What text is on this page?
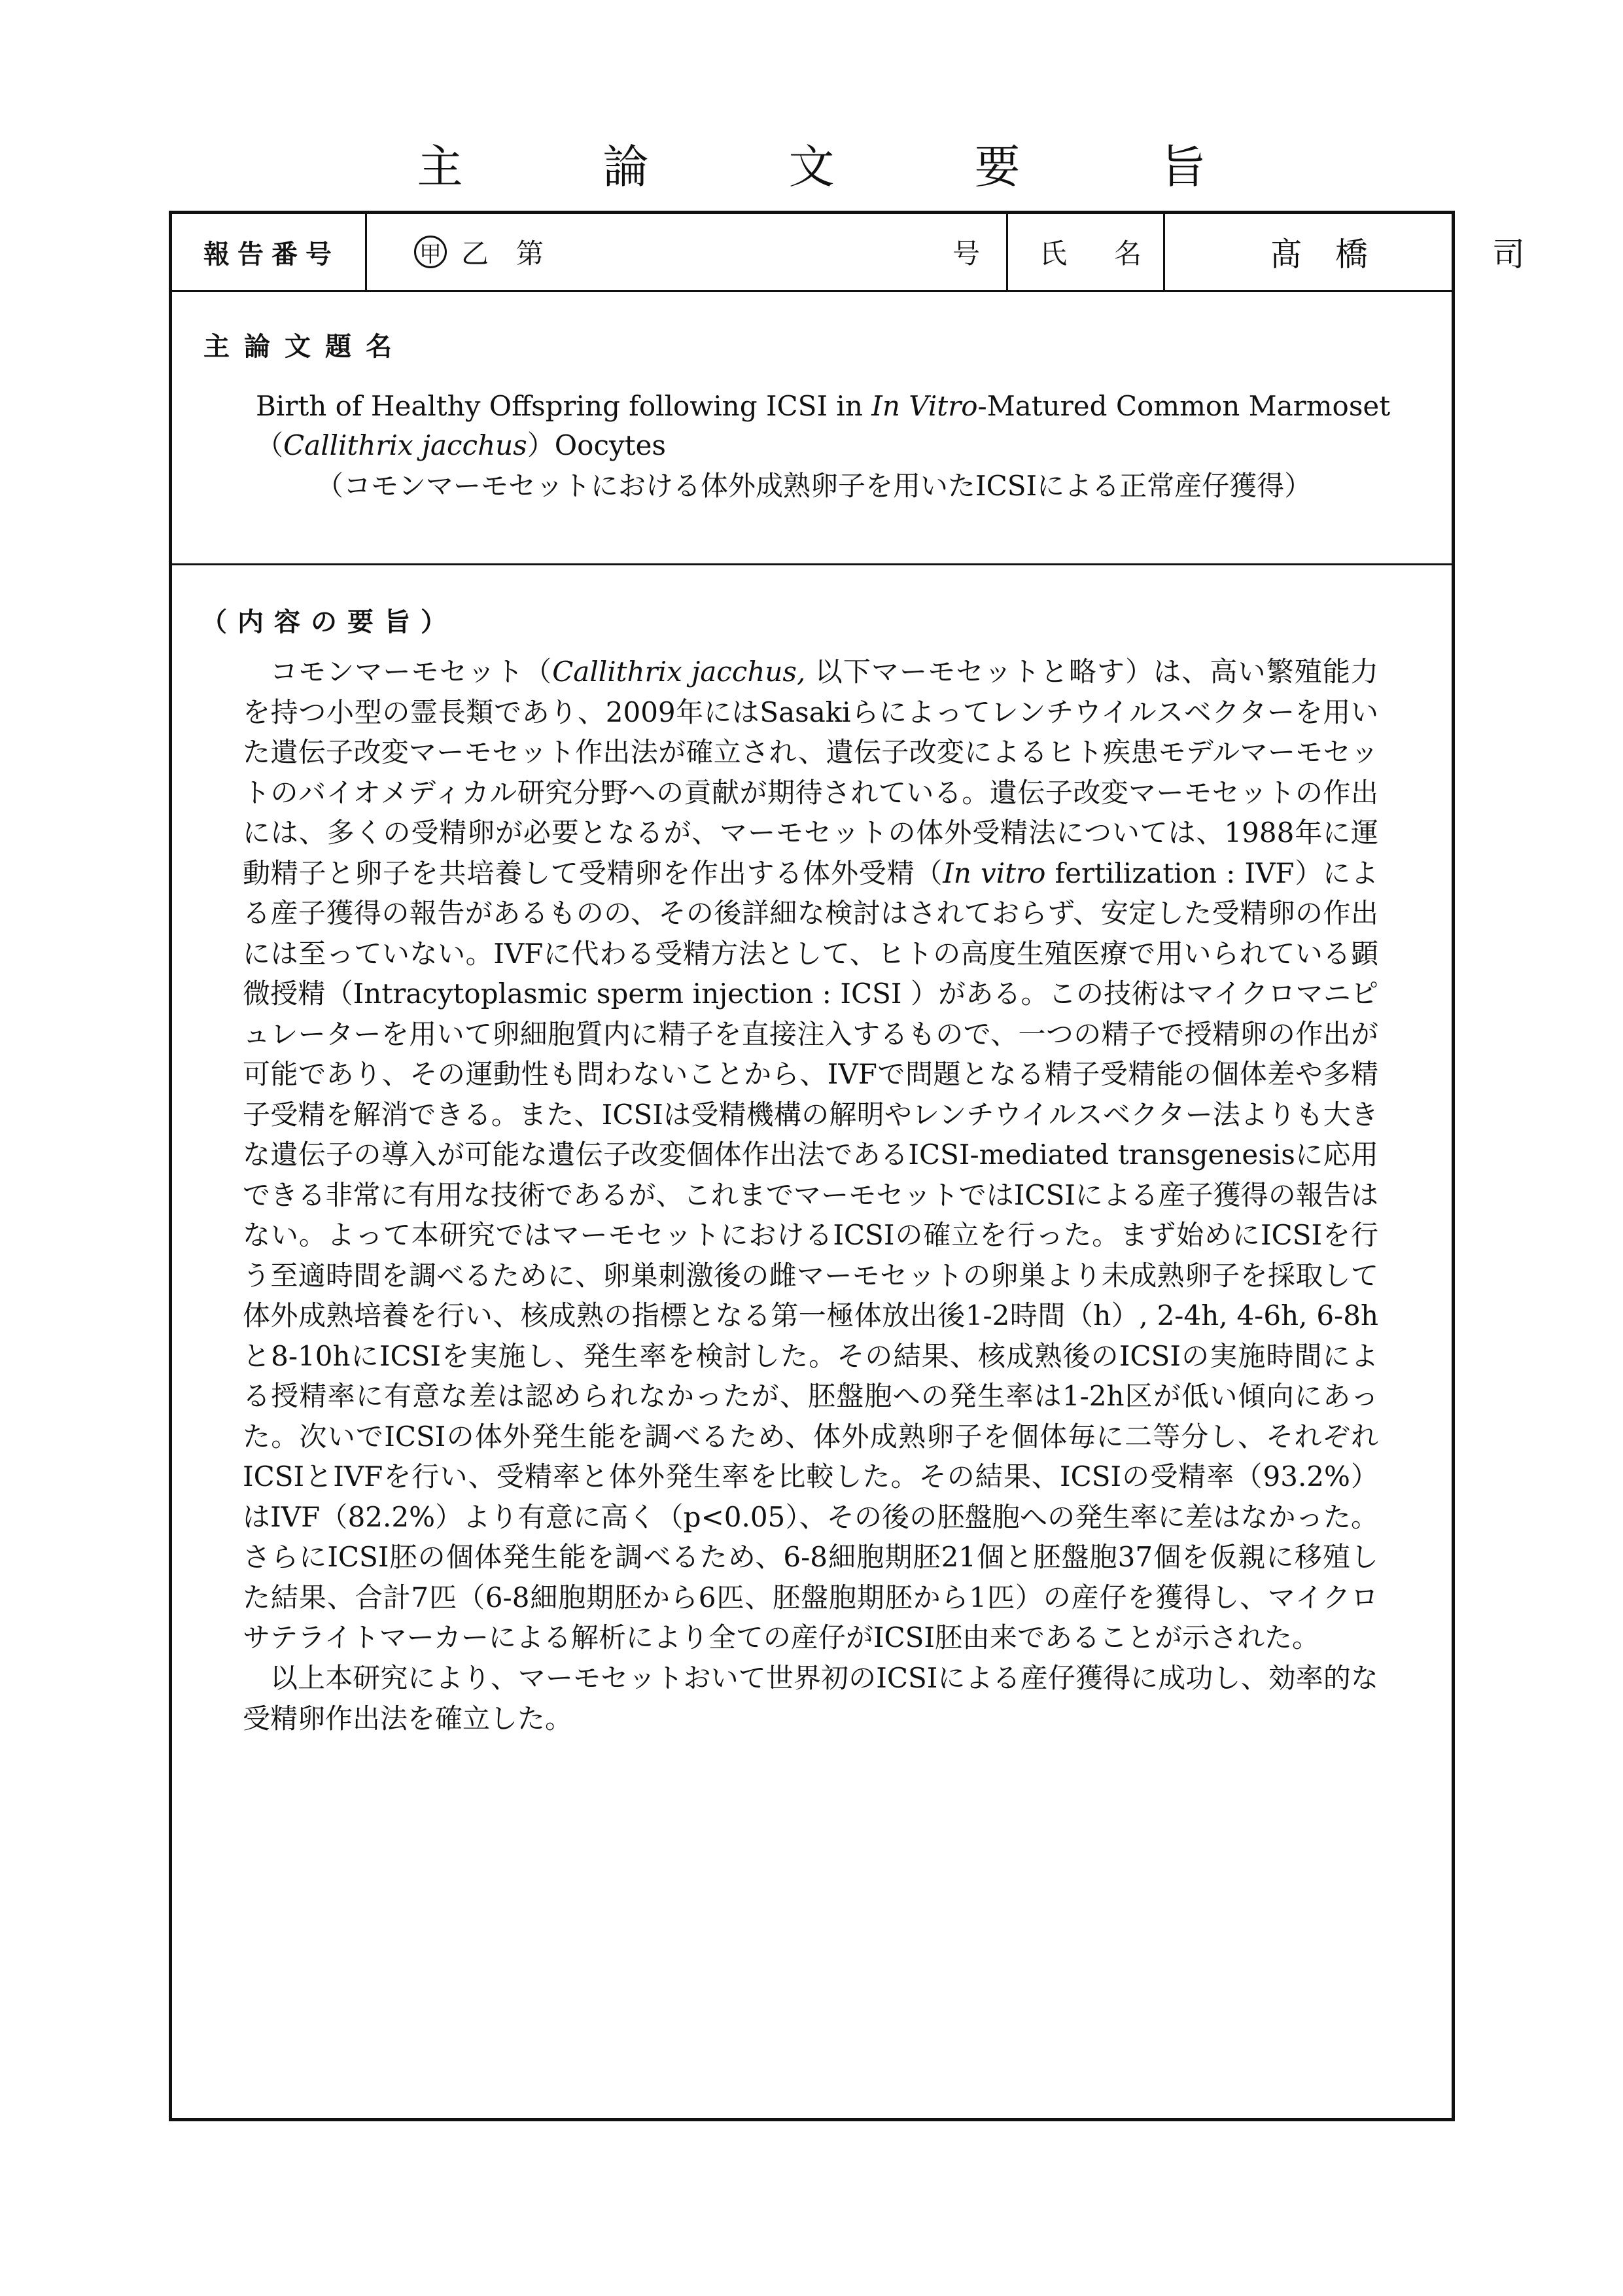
主　論　文　要　旨
報告番号	甲 乙 第	号 氏 名	髙　橋	司
主論文題名
Birth of Healthy Offspring following ICSI in In Vitro-Matured Common Marmoset
（Callithrix jacchus）Oocytes
（コモンマーモセットにおける体外成熟卵子を用いたICSIによる正常産仔獲得）
（内容の要旨）

コモンマーモセット（Callithrix jacchus, 以下マーモセットと略す）は、高い繁殖能力を持つ小型の霊長類であり、2009年にはSasakiらによってレンチウイルスベクターを用いた遺伝子改変マーモセット作出法が確立され、遺伝子改変によるヒト疾患モデルマーモセットのバイオメディカル研究分野への貢献が期待されている。遺伝子改変マーモセットの作出には、多くの受精卵が必要となるが、マーモセットの体外受精法については、1988年に運動精子と卵子を共培養して受精卵を作出する体外受精（In vitro fertilization : IVF）による産子獲得の報告があるものの、その後詳細な検討はされておらず、安定した受精卵の作出には至っていない。IVFに代わる受精方法として、ヒトの高度生殖医療で用いられている顕微授精（Intracytoplasmic sperm injection : ICSI ）がある。この技術はマイクロマニピュレーターを用いて卵細胞質内に精子を直接注入するもので、一つの精子で授精卵の作出が可能であり、その運動性も問わないことから、IVFで問題となる精子受精能の個体差や多精子受精を解消できる。また、ICSIは受精機構の解明やレンチウイルスベクター法よりも大きな遺伝子の導入が可能な遺伝子改変個体作出法であるICSI-mediated transgenesisに応用できる非常に有用な技術であるが、これまでマーモセットではICSIによる産子獲得の報告はない。よって本研究ではマーモセットにおけるICSIの確立を行った。まず始めにICSIを行う至適時間を調べるために、卵巣刺激後の雌マーモセットの卵巣より未成熟卵子を採取して体外成熟培養を行い、核成熟の指標となる第一極体放出後1-2時間（h）, 2-4h, 4-6h, 6-8hと8-10hにICSIを実施し、発生率を検討した。その結果、核成熟後のICSIの実施時間による授精率に有意な差は認められなかったが、胚盤胞への発生率は1-2h区が低い傾向にあった。次いでICSIの体外発生能を調べるため、体外成熟卵子を個体毎に二等分し、それぞれICSIとIVFを行い、受精率と体外発生率を比較した。その結果、ICSIの受精率（93.2%）はIVF（82.2%）より有意に高く（p<0.05）、その後の胚盤胞への発生率に差はなかった。さらにICSI胚の個体発生能を調べるため、6-8細胞期胚21個と胚盤胞37個を仮親に移殖した結果、合計7匹（6-8細胞期胚から6匹、胚盤胞期胚から1匹）の産仔を獲得し、マイクロサテライトマーカーによる解析により全ての産仔がICSI胚由来であることが示された。

以上本研究により、マーモセットおいて世界初のICSIによる産仔獲得に成功し、効率的な受精卵作出法を確立した。
